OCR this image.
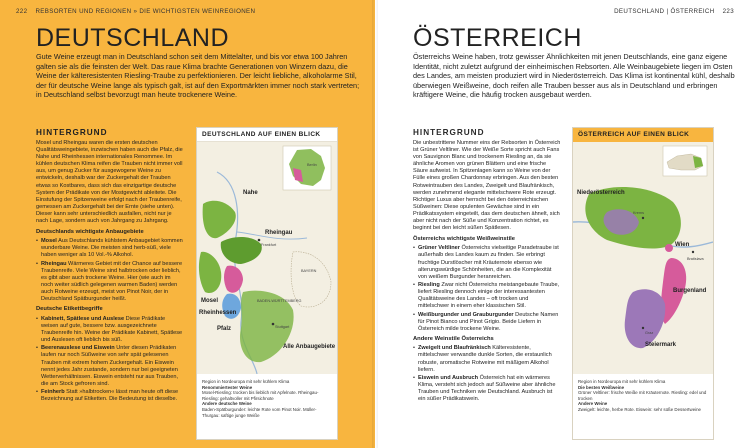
222 REBSORTEN UND REGIONEN » DIE WICHTIGSTEN WEINREGIONEN
DEUTSCHLAND

Gute Weine erzeugt man in Deutschland schon seit dem Mittelalter, und bis vor etwa 100 Jahren galten sie als die feinsten der Welt. Das raue Klima brachte Generationen von Winzern dazu, die Weine der kälteresistenten Riesling-Traube zu perfektionieren. Der leicht liebliche, alkoholarme Stil, der für deutsche Weine lange als typisch galt, ist auf den Exportmärkten immer noch stark vertreten; in Deutschland selbst bevorzugt man heute trockenere Weine.

HINTERGRUND

Mosel und Rheingau waren die ersten deutschen Qualitätsweingebiete, inzwischen haben auch die Pfalz, die Nahe und Rheinhessen internationales Renommee. Im kühlen deutschen Klima reifen die Trauben nicht immer voll aus, um genug Zucker für ausgewogene Weine zu entwickeln, deshalb war der Zuckergehalt der Trauben etwas so Kostbares, dass sich das einzigartige deutsche System der Prädikate von der Mostgewicht ableitete. Die Einstufung der Spitzenweine erfolgt nach der Traubenreife, gemessen am Zuckergehalt bei der Ernte (siehe unten). Dieser kann sehr unterschiedlich ausfallen, nicht nur je nach Lage, sondern auch von Jahrgang zu Jahrgang.

Deutschlands wichtigste Anbaugebiete
• Mosel Aus Deutschlands kühlstem Anbaugebiet kommen wunderbare Weine. Die meisten sind herb-süß, viele haben weniger als 10 Vol.-% Alkohol.
• Rheingau Wärmeres Gebiet mit der Chance auf bessere Traubenreife. Viele Weine sind halbtrocken oder lieblich, es gibt aber auch trockene Weine. Hier (wie auch im noch weiter südlich gelegenen warmen Baden) werden auch Rotweine erzeugt, meist von Pinot Noir, der in Deutschland Spätburgunder heißt.
Deutsche Etikettbegriffe
• Kabinett, Spätlese und Auslese Diese Prädikate weisen auf gute, bessere bzw. ausgezeichnete Traubenreife hin. Weine der Prädikate Kabinett, Spätlese und Auslesen oft lieblich bis süß.
• Beerenauslese und Eiswein Unter diesen Prädikaten laufen nur noch Süßweine von sehr spät gelesenen Trauben mit extrem hohem Zuckergehalt. Ein Eiswein nennt jedes Jahr zustande, sondern nur bei geeigneten Wetterverhältnissen. Eiswein entsteht nur aus Trauben, die am Stock gefroren sind.
• Feinherb Statt »halbtrocken« lässt man heute oft diese Bezeichnung auf Etiketten. Die Bedeutung ist dieselbe.
DEUTSCHLAND AUF EINEN BLICK
Berlin
Nahe
Rheingau
Mosel
Rheinhessen
Pfalz
BADEN-WÜRTTEMBERG
BAYERN
Frankfurt
Stuttgart
Alle Anbaugebiete
Region in Nordeuropa mit sehr kühlem Klima
Renommiertester Weine
Mosel-Riesling: trocken bis lieblich mit Apfelnote. Rheingau-Riesling: gehaltvoller mit Pfirsichnote
Andere deutsche Weine
Baden-Spätburgunder: leichte Rote vom Pinot Noir. Müller-Thurgau: saftige junge Weiße
DEUTSCHLAND | ÖSTERREICH 223
ÖSTERREICH

Österreichs Weine haben, trotz gewisser Ähnlichkeiten mit jenen Deutschlands, eine ganz eigene Identität, nicht zuletzt aufgrund der einheimischen Rebsorten. Alle Weinbaugebiete liegen im Osten des Landes, am meisten produziert wird in Niederösterreich. Das Klima ist kontinental kühl, deshalb überwiegen Weißweine, doch reifen alle Trauben besser aus als in Deutschland und erbringen kräftigere Weine, die häufig trocken ausgebaut werden.

HINTERGRUND

Die unbestrittene Nummer eins der Rebsorten in Österreich ist Grüner Veltliner. Wie der Weiße Sorte spricht auch Fans von Sauvignon Blanc und trockenem Riesling an, da sie ähnliche Aromen von grünen Blättern und eine frische Säure aufweist. In Spitzenlagen kann so Weine von der Fülle eines großen Chardonnay erbringen. Aus den besten Rotweintrauben des Landes, Zweigelt und Blaufränkisch, werden zunehmend elegante mittelschwere Rote erzeugt. Richtiger Luxus aber herrscht bei den österreichischen Süßweinen: Diese opulenten Gewächse sind in ein Prädikatssystem eingeteilt, das dem deutschen ähnelt, sich aber nicht nach der Süße und Konzentration richtet, es beginnt bei den leicht süßen Spätlesen.

Österreichs wichtigste Weißweinstile
• Grüner Veltliner Österreichs vielseitige Paradetraube ist außerhalb des Landes kaum zu finden. Sie erbringt fruchtige Durstlöscher mit Kräuternote ebenso wie alterungswürdige Schönheiten, die an die Komplexität von weißem Burgunder heranreichen.
• Riesling Zwar nicht Österreichs meistangebaute Traube, liefert Riesling dennoch einige der interessantesten Qualitätsweine des Landes – oft trocken und mittelschwer in einem eher klassischen Stil.
• Weißburgunder und Grauburgunder Deutsche Namen für Pinot Bianco und Pinot Grigio. Beide Liefern in Österreich milde trockene Weine.
Andere Weinstile Österreichs
• Zweigelt und Blaufränkisch Kälteresistente, mittelschwer verwandte dunkle Sorten, die erstaunlich robuste, aromatische Rotweine mit mäßigem Alkohol liefern.
• Eiswein und Ausbruch Österreich hat ein wärmeres Klima, versteht sich jedoch auf Süßweine aber ähnliche Trauben und Techniken wie Deutschland. Ausbruch ist ein süßer Prädikatswein.
ÖSTERREICH AUF EINEN BLICK
Niederösterreich
Wien
Burgenland
Steiermark
Krems
Bratislava
Graz
Region in Nordeuropa mit sehr kühlem Klima
Die besten Weißweine
Grüner Veltliner: frische Weiße mit Kräuternote. Riesling: edel und trocken
Andere Weine
Zweigelt: leichte, herbe Rote. Eiswein: sehr süße Dessertweine
